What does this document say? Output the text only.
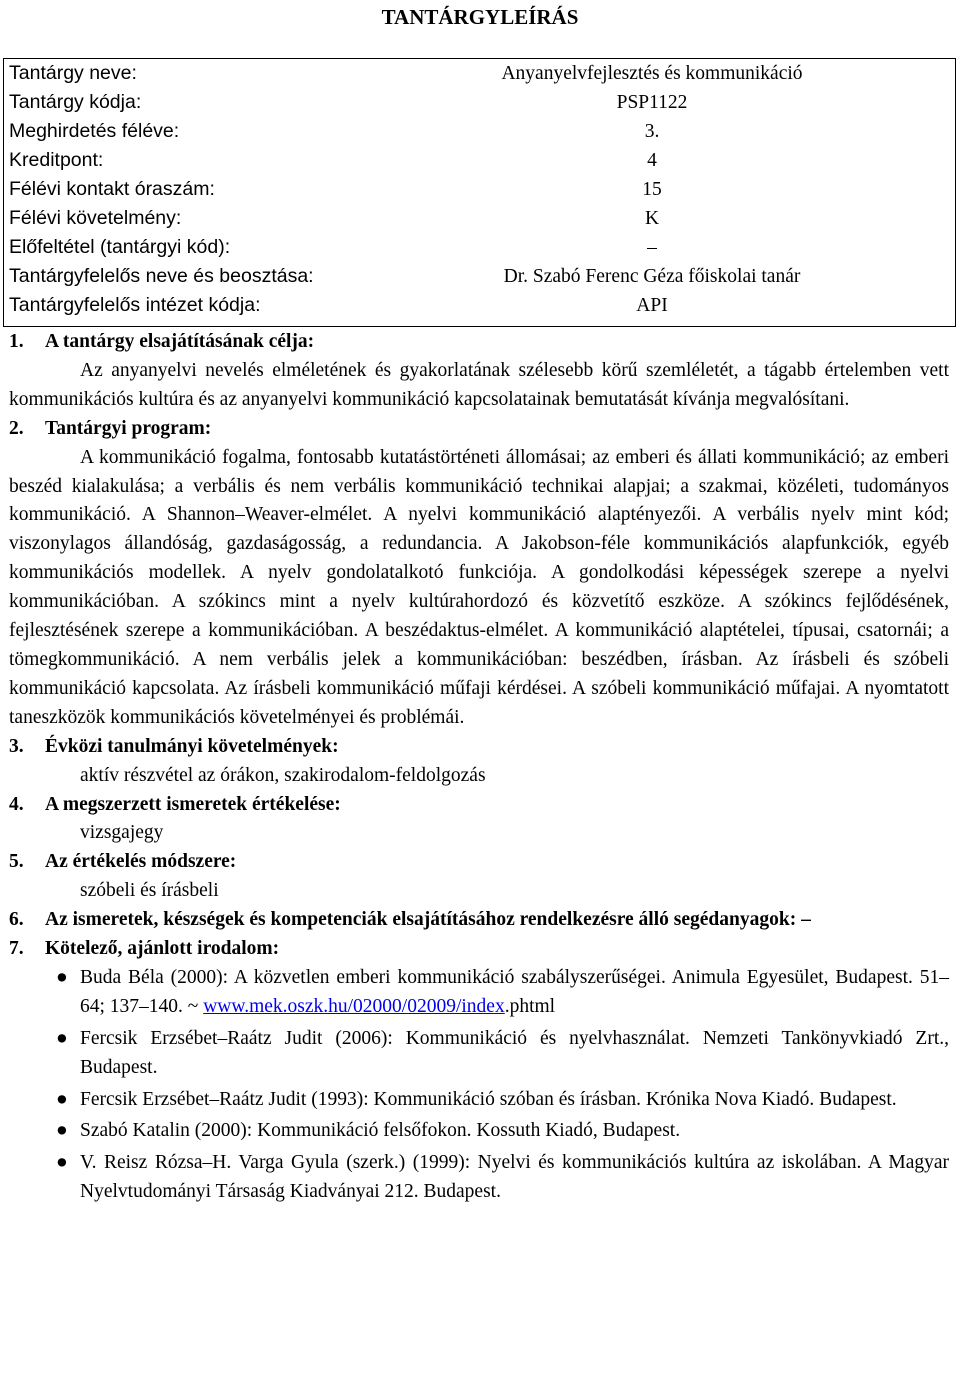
TANTÁRGYLEÍRÁS
Tantárgy neve:	Anyanyelvfejlesztés és kommunikáció
Tantárgy kódja:	PSP1122
Meghirdetés féléve:	3.
Kreditpont:	4
Félévi kontakt óraszám:	15
Félévi követelmény:	K
Előfeltétel (tantárgyi kód):	–
Tantárgyfelelős neve és beosztása:	Dr. Szabó Ferenc Géza főiskolai tanár
Tantárgyfelelős intézet kódja:	API
1. A tantárgy elsajátításának célja:
Az anyanyelvi nevelés elméletének és gyakorlatának szélesebb körű szemléletét, a tágabb értelemben vett kommunikációs kultúra és az anyanyelvi kommunikáció kapcsolatainak bemutatását kívánja megvalósítani.
2. Tantárgyi program:
A kommunikáció fogalma, fontosabb kutatástörténeti állomásai; az emberi és állati kommunikáció; az emberi beszéd kialakulása; a verbális és nem verbális kommunikáció technikai alapjai; a szakmai, közéleti, tudományos kommunikáció. A Shannon–Weaver-elmélet. A nyelvi kommunikáció alaptényezői. A verbális nyelv mint kód; viszonylagos állandóság, gazdaságosság, a redundancia. A Jakobson-féle kommunikációs alapfunkciók, egyéb kommunikációs modellek. A nyelv gondolatalkotó funkciója. A gondolkodási képességek szerepe a nyelvi kommunikációban. A szókincs mint a nyelv kultúrahordozó és közvetítő eszköze. A szókincs fejlődésének, fejlesztésének szerepe a kommunikációban. A beszédaktus-elmélet. A kommunikáció alaptételei, típusai, csatornái; a tömegkommunikáció. A nem verbális jelek a kommunikációban: beszédben, írásban. Az írásbeli és szóbeli kommunikáció kapcsolata. Az írásbeli kommunikáció műfaji kérdései. A szóbeli kommunikáció műfajai. A nyomtatott taneszközök kommunikációs követelményei és problémái.
3. Évközi tanulmányi követelmények:
aktív részvétel az órákon, szakirodalom-feldolgozás
4. A megszerzett ismeretek értékelése:
vizsgajegy
5. Az értékelés módszere:
szóbeli és írásbeli
6.	Az ismeretek, készségek és kompetenciák elsajátításához rendelkezésre álló segédanyagok: –
7. Kötelező, ajánlott irodalom:
● Buda Béla (2000): A közvetlen emberi kommunikáció szabályszerűségei. Animula Egyesület, Budapest. 51–64; 137–140. ~ www.mek.oszk.hu/02000/02009/index.phtml
● Fercsik Erzsébet–Raátz Judit (2006): Kommunikáció és nyelvhasználat. Nemzeti Tankönyvkiadó Zrt., Budapest.
● Fercsik Erzsébet–Raátz Judit (1993): Kommunikáció szóban és írásban. Krónika Nova Kiadó. Budapest.
● Szabó Katalin (2000): Kommunikáció felsőfokon. Kossuth Kiadó, Budapest.
● V. Reisz Rózsa–H. Varga Gyula (szerk.) (1999): Nyelvi és kommunikációs kultúra az iskolában. A Magyar Nyelvtudományi Társaság Kiadványai 212. Budapest.
